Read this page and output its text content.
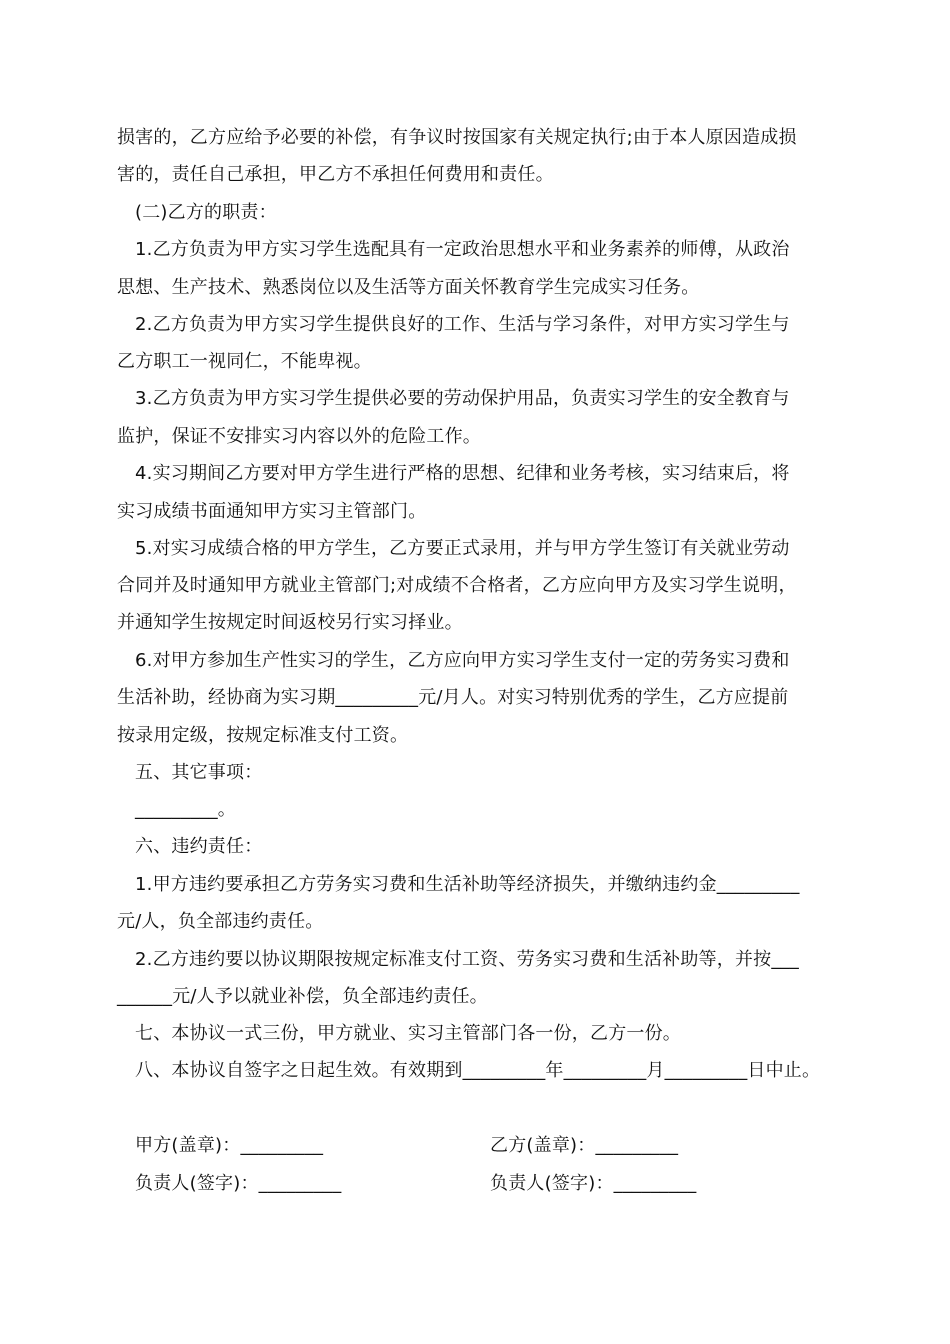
损害的，乙方应给予必要的补偿，有争议时按国家有关规定执行;由于本人原因造成损
害的，责任自己承担，甲乙方不承担任何费用和责任。
(二)乙方的职责：
1.乙方负责为甲方实习学生选配具有一定政治思想水平和业务素养的师傅，从政治
思想、生产技术、熟悉岗位以及生活等方面关怀教育学生完成实习任务。
2.乙方负责为甲方实习学生提供良好的工作、生活与学习条件，对甲方实习学生与
乙方职工一视同仁，不能卑视。
3.乙方负责为甲方实习学生提供必要的劳动保护用品，负责实习学生的安全教育与
监护，保证不安排实习内容以外的危险工作。
4.实习期间乙方要对甲方学生进行严格的思想、纪律和业务考核，实习结束后，将
实习成绩书面通知甲方实习主管部门。
5.对实习成绩合格的甲方学生，乙方要正式录用，并与甲方学生签订有关就业劳动
合同并及时通知甲方就业主管部门;对成绩不合格者，乙方应向甲方及实习学生说明，
并通知学生按规定时间返校另行实习择业。
6.对甲方参加生产性实习的学生，乙方应向甲方实习学生支付一定的劳务实习费和
生活补助，经协商为实习期_________元/月人。对实习特别优秀的学生，乙方应提前
按录用定级，按规定标准支付工资。
五、其它事项：
_________。
六、违约责任：
1.甲方违约要承担乙方劳务实习费和生活补助等经济损失，并缴纳违约金_________
元/人，负全部违约责任。
2.乙方违约要以协议期限按规定标准支付工资、劳务实习费和生活补助等，并按___
______元/人予以就业补偿，负全部违约责任。
七、本协议一式三份，甲方就业、实习主管部门各一份，乙方一份。
八、本协议自签字之日起生效。有效期到_________年_________月_________日中止。
甲方(盖章)：_________	乙方(盖章)：_________
负责人(签字)：_________	负责人(签字)：_________
